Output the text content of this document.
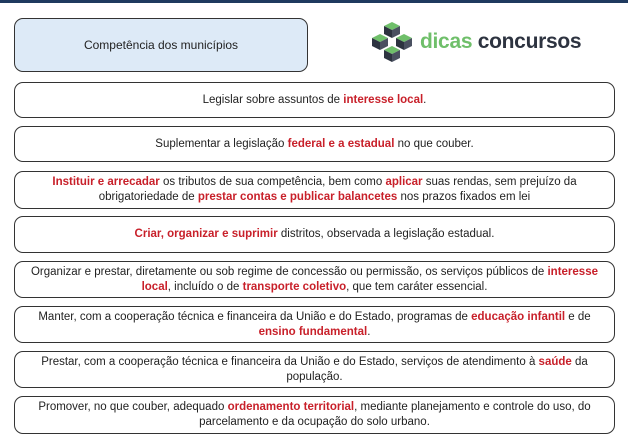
Competência dos municípios	dicas concursos
Legislar sobre assuntos de interesse local.
Suplementar a legislação federal e a estadual no que couber.
Instituir e arrecadar os tributos de sua competência, bem como aplicar suas rendas, sem prejuízo da obrigatoriedade de prestar contas e publicar balancetes nos prazos fixados em lei
Criar, organizar e suprimir distritos, observada a legislação estadual.
Organizar e prestar, diretamente ou sob regime de concessão ou permissão, os serviços públicos de interesse local, incluído o de transporte coletivo, que tem caráter essencial.
Manter, com a cooperação técnica e financeira da União e do Estado, programas de educação infantil e de ensino fundamental.
Prestar, com a cooperação técnica e financeira da União e do Estado, serviços de atendimento à saúde da população.
Promover, no que couber, adequado ordenamento territorial, mediante planejamento e controle do uso, do parcelamento e da ocupação do solo urbano.
